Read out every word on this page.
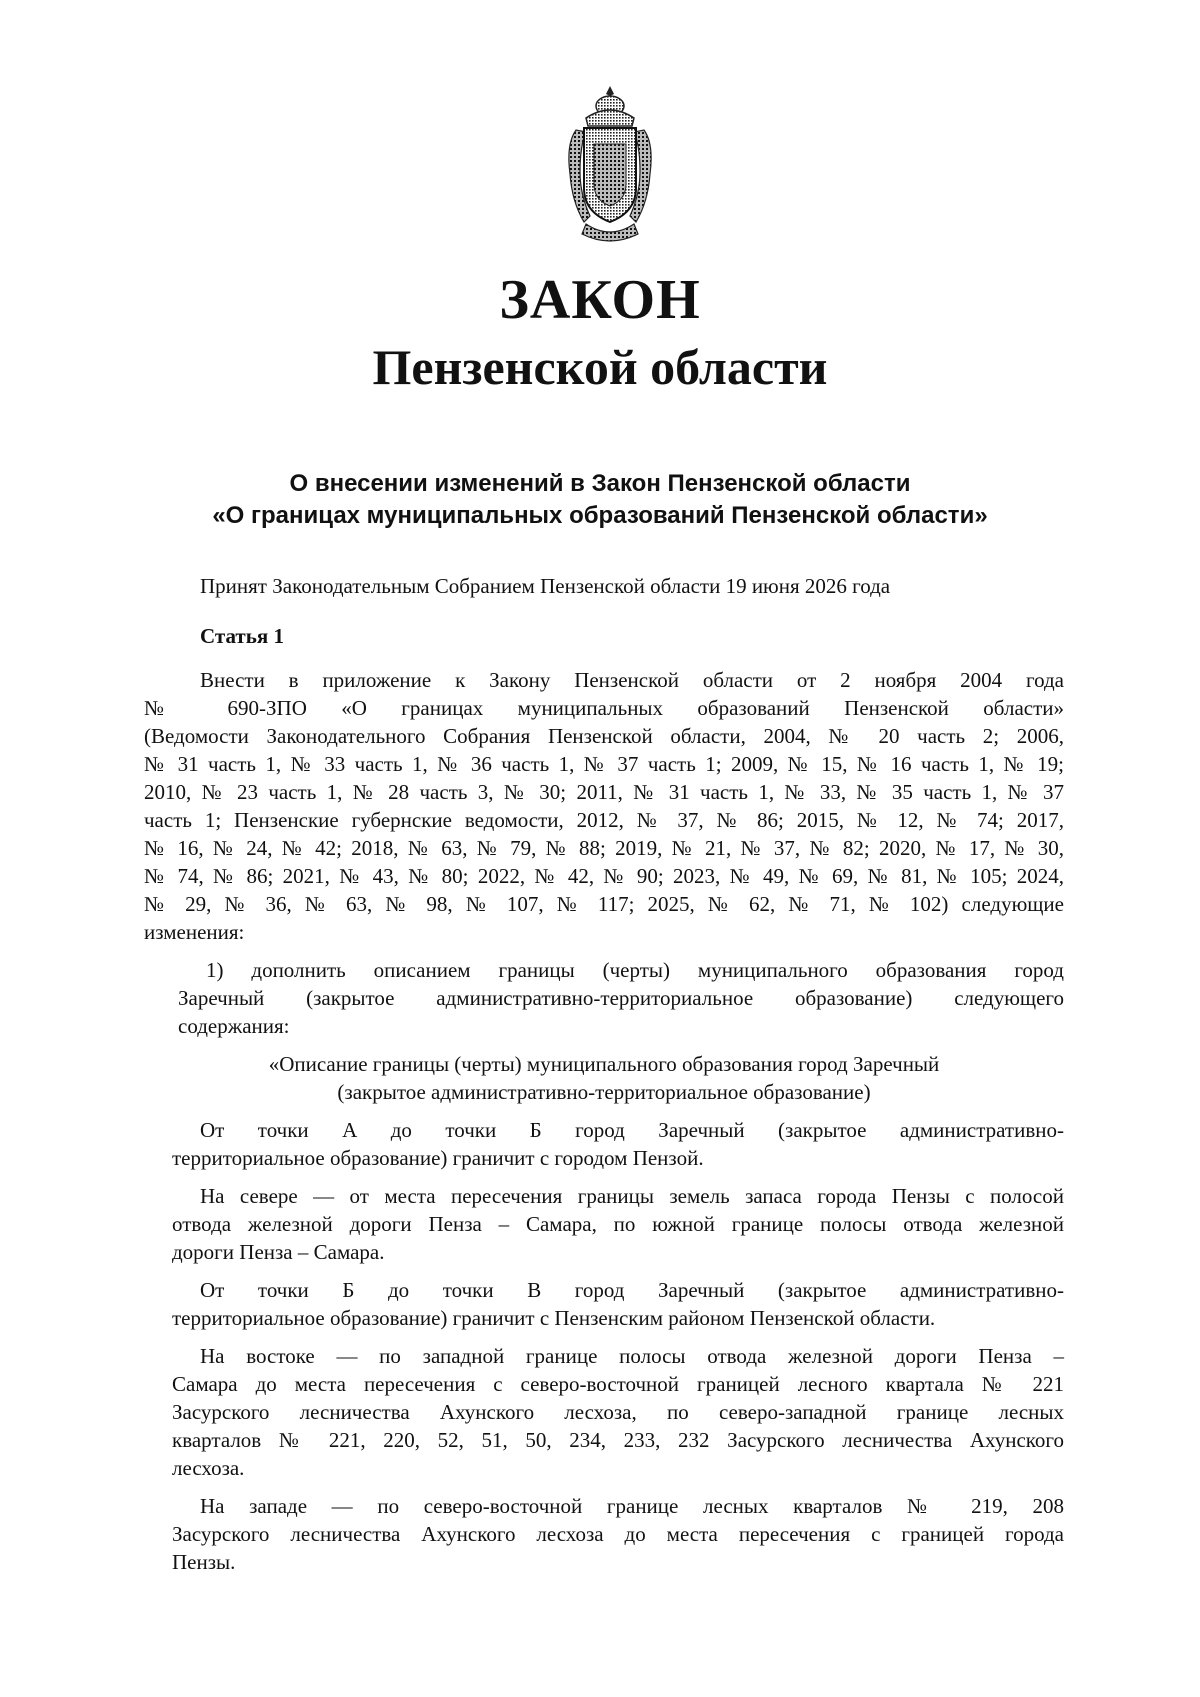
ЗАКОН
Пензенской области
О внесении изменений в Закон Пензенской области
«О границах муниципальных образований Пензенской области»
Принят Законодательным Собранием Пензенской области 19 июня 2026 года
Статья 1
Внести в приложение к Закону Пензенской области от 2 ноября 2004 года
№ 690-ЗПО «О границах муниципальных образований Пензенской области»
(Ведомости Законодательного Собрания Пензенской области, 2004, № 20 часть 2; 2006,
№ 31 часть 1, № 33 часть 1, № 36 часть 1, № 37 часть 1; 2009, № 15, № 16 часть 1, № 19;
2010, № 23 часть 1, № 28 часть 3, № 30; 2011, № 31 часть 1, № 33, № 35 часть 1, № 37
часть 1; Пензенские губернские ведомости, 2012, № 37, № 86; 2015, № 12, № 74; 2017,
№ 16, № 24, № 42; 2018, № 63, № 79, № 88; 2019, № 21, № 37, № 82; 2020, № 17, № 30,
№ 74, № 86; 2021, № 43, № 80; 2022, № 42, № 90; 2023, № 49, № 69, № 81, № 105; 2024,
№ 29, № 36, № 63, № 98, № 107, № 117; 2025, № 62, № 71, № 102) следующие
изменения:
1) дополнить описанием границы (черты) муниципального образования город
Заречный (закрытое административно-территориальное образование) следующего
содержания:
«Описание границы (черты) муниципального образования город Заречный
(закрытое административно-территориальное образование)
От точки А до точки Б город Заречный (закрытое административно-
территориальное образование) граничит с городом Пензой.
На севере — от места пересечения границы земель запаса города Пензы с полосой
отвода железной дороги Пенза – Самара, по южной границе полосы отвода железной
дороги Пенза – Самара.
От точки Б до точки В город Заречный (закрытое административно-
территориальное образование) граничит с Пензенским районом Пензенской области.
На востоке — по западной границе полосы отвода железной дороги Пенза –
Самара до места пересечения с северо-восточной границей лесного квартала № 221
Засурского лесничества Ахунского лесхоза, по северо-западной границе лесных
кварталов № 221, 220, 52, 51, 50, 234, 233, 232 Засурского лесничества Ахунского
лесхоза.
На западе — по северо-восточной границе лесных кварталов № 219, 208
Засурского лесничества Ахунского лесхоза до места пересечения с границей города
Пензы.
